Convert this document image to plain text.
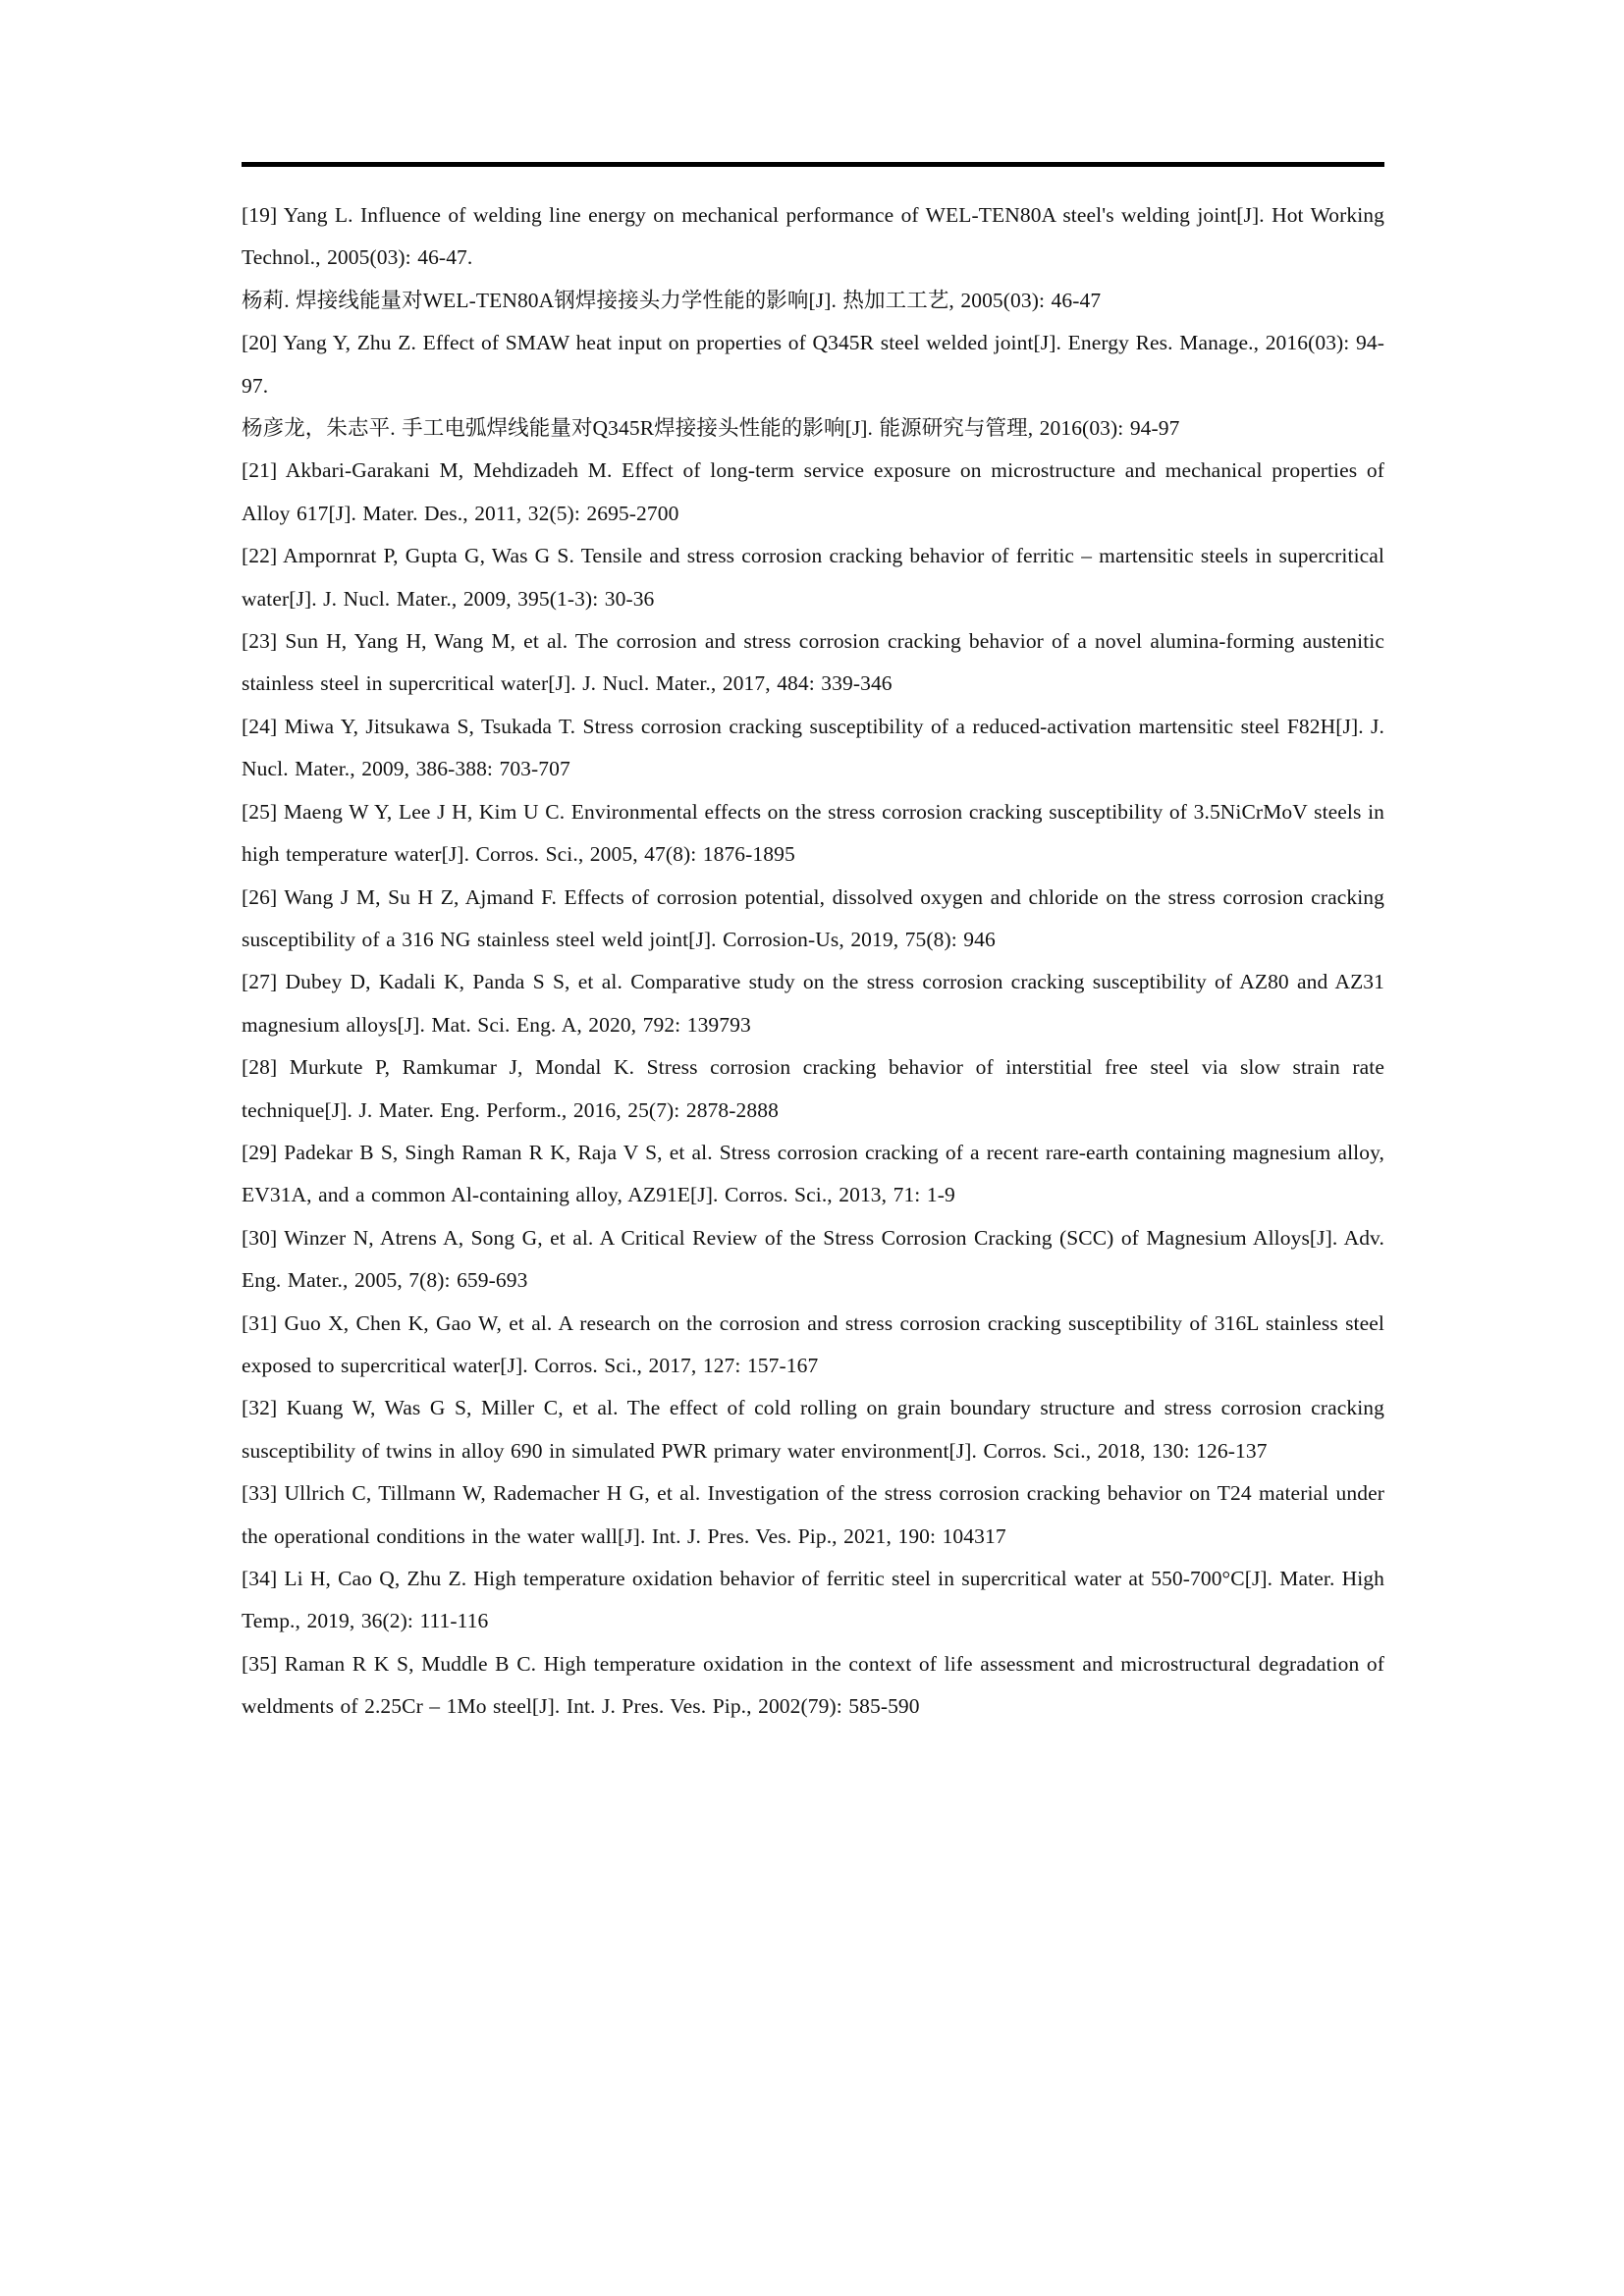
[19] Yang L. Influence of welding line energy on mechanical performance of WEL-TEN80A steel's welding joint[J]. Hot Working Technol., 2005(03): 46-47.

杨莉. 焊接线能量对WEL-TEN80A钢焊接接头力学性能的影响[J]. 热加工工艺, 2005(03): 46-47

[20] Yang Y, Zhu Z. Effect of SMAW heat input on properties of Q345R steel welded joint[J]. Energy Res. Manage., 2016(03): 94-97.

杨彦龙，朱志平. 手工电弧焊线能量对Q345R焊接接头性能的影响[J]. 能源研究与管理, 2016(03): 94-97

[21] Akbari-Garakani M, Mehdizadeh M. Effect of long-term service exposure on microstructure and mechanical properties of Alloy 617[J]. Mater. Des., 2011, 32(5): 2695-2700

[22] Ampornrat P, Gupta G, Was G S. Tensile and stress corrosion cracking behavior of ferritic – martensitic steels in supercritical water[J]. J. Nucl. Mater., 2009, 395(1-3): 30-36

[23] Sun H, Yang H, Wang M, et al. The corrosion and stress corrosion cracking behavior of a novel alumina-forming austenitic stainless steel in supercritical water[J]. J. Nucl. Mater., 2017, 484: 339-346

[24] Miwa Y, Jitsukawa S, Tsukada T. Stress corrosion cracking susceptibility of a reduced-activation martensitic steel F82H[J]. J. Nucl. Mater., 2009, 386-388: 703-707

[25] Maeng W Y, Lee J H, Kim U C. Environmental effects on the stress corrosion cracking susceptibility of 3.5NiCrMoV steels in high temperature water[J]. Corros. Sci., 2005, 47(8): 1876-1895

[26] Wang J M, Su H Z, Ajmand F. Effects of corrosion potential, dissolved oxygen and chloride on the stress corrosion cracking susceptibility of a 316 NG stainless steel weld joint[J]. Corrosion-Us, 2019, 75(8): 946

[27] Dubey D, Kadali K, Panda S S, et al. Comparative study on the stress corrosion cracking susceptibility of AZ80 and AZ31 magnesium alloys[J]. Mat. Sci. Eng. A, 2020, 792: 139793

[28] Murkute P, Ramkumar J, Mondal K. Stress corrosion cracking behavior of interstitial free steel via slow strain rate technique[J]. J. Mater. Eng. Perform., 2016, 25(7): 2878-2888

[29] Padekar B S, Singh Raman R K, Raja V S, et al. Stress corrosion cracking of a recent rare-earth containing magnesium alloy, EV31A, and a common Al-containing alloy, AZ91E[J]. Corros. Sci., 2013, 71: 1-9

[30] Winzer N, Atrens A, Song G, et al. A Critical Review of the Stress Corrosion Cracking (SCC) of Magnesium Alloys[J]. Adv. Eng. Mater., 2005, 7(8): 659-693

[31] Guo X, Chen K, Gao W, et al. A research on the corrosion and stress corrosion cracking susceptibility of 316L stainless steel exposed to supercritical water[J]. Corros. Sci., 2017, 127: 157-167

[32] Kuang W, Was G S, Miller C, et al. The effect of cold rolling on grain boundary structure and stress corrosion cracking susceptibility of twins in alloy 690 in simulated PWR primary water environment[J]. Corros. Sci., 2018, 130: 126-137

[33] Ullrich C, Tillmann W, Rademacher H G, et al. Investigation of the stress corrosion cracking behavior on T24 material under the operational conditions in the water wall[J]. Int. J. Pres. Ves. Pip., 2021, 190: 104317

[34] Li H, Cao Q, Zhu Z. High temperature oxidation behavior of ferritic steel in supercritical water at 550-700°C[J]. Mater. High Temp., 2019, 36(2): 111-116

[35] Raman R K S, Muddle B C. High temperature oxidation in the context of life assessment and microstructural degradation of weldments of 2.25Cr – 1Mo steel[J]. Int. J. Pres. Ves. Pip., 2002(79): 585-590
